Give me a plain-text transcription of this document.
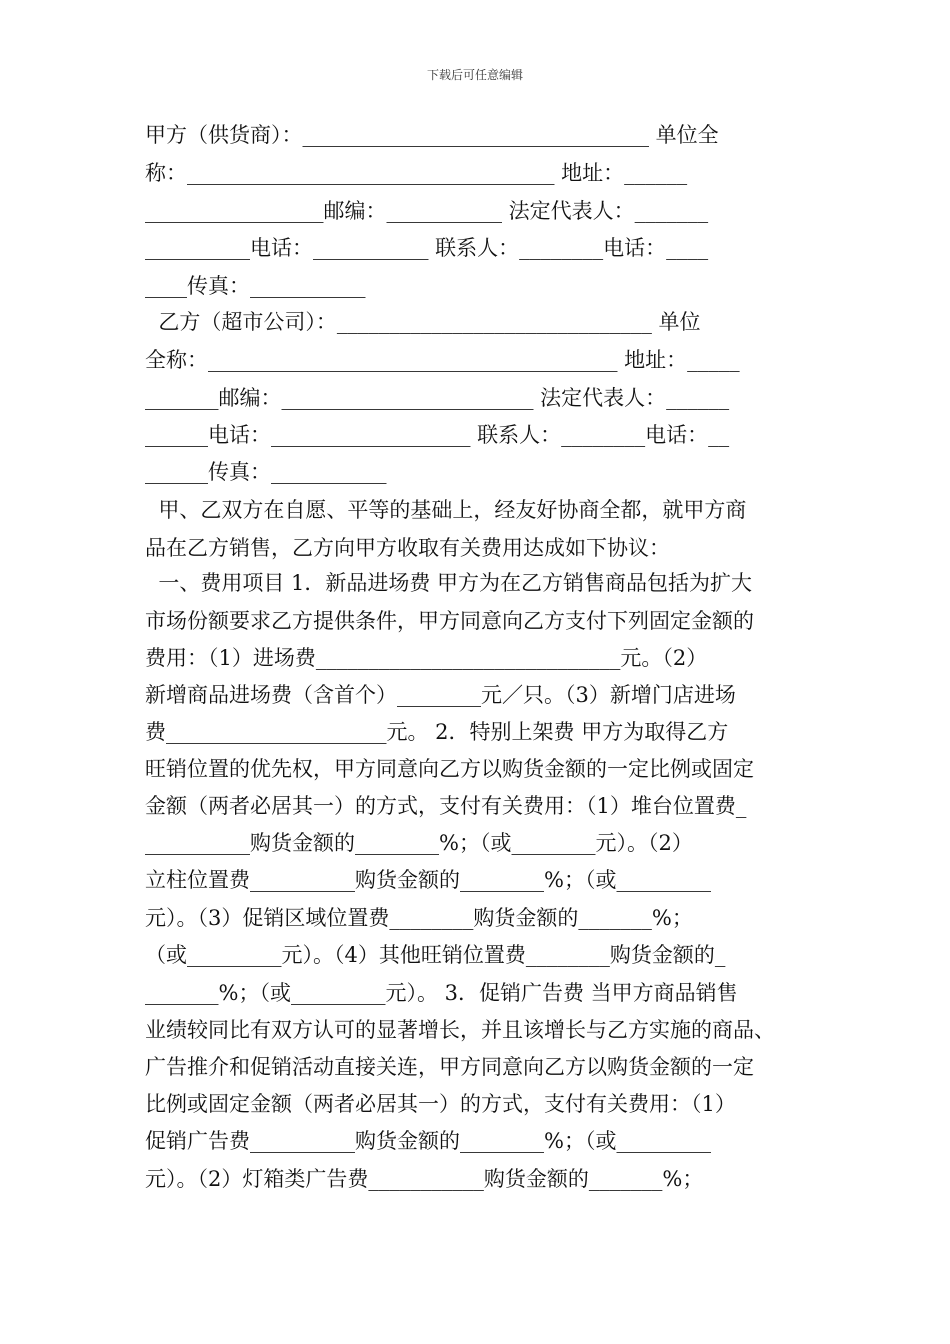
下载后可任意编辑
甲方（供货商）：_________________________________ 单位全
称：___________________________________ 地址：______
_________________邮编：___________ 法定代表人：_______
__________电话：___________ 联系人：________电话：____
____传真：___________
乙方（超市公司）：______________________________ 单位
全称：_______________________________________ 地址：_____
_______邮编：________________________ 法定代表人：______
______电话：___________________ 联系人：________电话：__
______传真：___________
甲、乙双方在自愿、平等的基础上，经友好协商全都，就甲方商
品在乙方销售，乙方向甲方收取有关费用达成如下协议：
一、费用项目 1．新品进场费 甲方为在乙方销售商品包括为扩大
市场份额要求乙方提供条件，甲方同意向乙方支付下列固定金额的
费用：（1）进场费_____________________________元。（2）
新增商品进场费（含首个）________元／只。（3）新增门店进场
费_____________________元。 2．特别上架费 甲方为取得乙方
旺销位置的优先权，甲方同意向乙方以购货金额的一定比例或固定
金额（两者必居其一）的方式，支付有关费用：（1）堆台位置费_
__________购货金额的________%；（或________元）。（2）
立柱位置费__________购货金额的________%；（或_________
元）。（3）促销区域位置费________购货金额的_______%；
（或_________元）。（4）其他旺销位置费________购货金额的_
_______%；（或_________元）。 3．促销广告费 当甲方商品销售
业绩较同比有双方认可的显著增长，并且该增长与乙方实施的商品、
广告推介和促销活动直接关连，甲方同意向乙方以购货金额的一定
比例或固定金额（两者必居其一）的方式，支付有关费用：（1）
促销广告费__________购货金额的________%；（或_________
元）。（2）灯箱类广告费___________购货金额的_______%；
